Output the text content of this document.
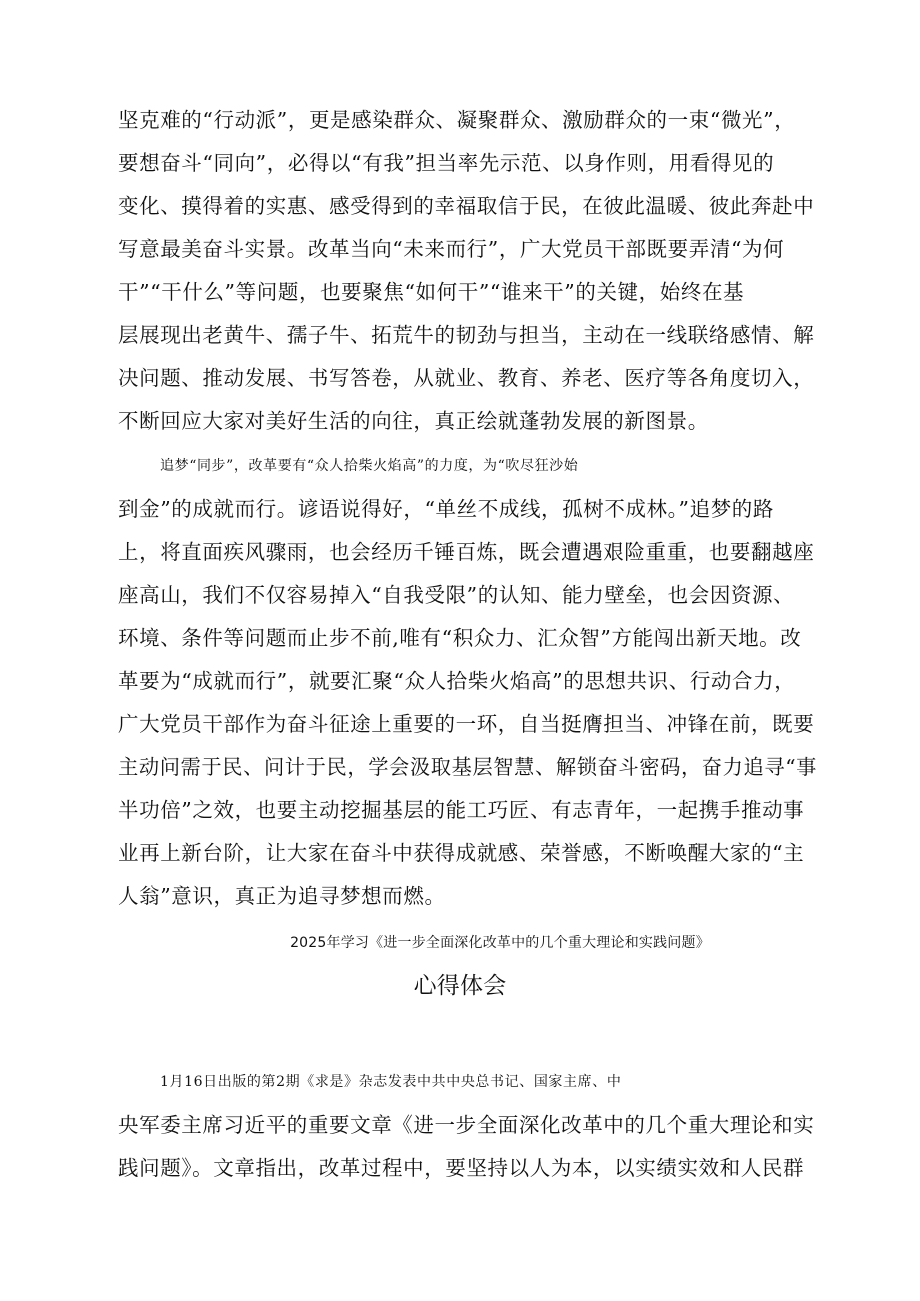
坚克难的“行动派”，更是感染群众、凝聚群众、激励群众的一束“微光”，
要想奋斗“同向”，必得以“有我”担当率先示范、以身作则，用看得见的
变化、摸得着的实惠、感受得到的幸福取信于民，在彼此温暖、彼此奔赴中
写意最美奋斗实景。改革当向“未来而行”，广大党员干部既要弄清“为何
干”“干什么”等问题，也要聚焦“如何干”“谁来干”的关键，始终在基
层展现出老黄牛、孺子牛、拓荒牛的韧劲与担当，主动在一线联络感情、解
决问题、推动发展、书写答卷，从就业、教育、养老、医疗等各角度切入，
不断回应大家对美好生活的向往，真正绘就蓬勃发展的新图景。
追梦“同步”，改革要有“众人拾柴火焰高”的力度，为“吹尽狂沙始
到金”的成就而行。谚语说得好，“单丝不成线，孤树不成林。”追梦的路
上，将直面疾风骤雨，也会经历千锤百炼，既会遭遇艰险重重，也要翻越座
座高山，我们不仅容易掉入“自我受限”的认知、能力壁垒，也会因资源、
环境、条件等问题而止步不前,唯有“积众力、汇众智”方能闯出新天地。改
革要为“成就而行”，就要汇聚“众人拾柴火焰高”的思想共识、行动合力，
广大党员干部作为奋斗征途上重要的一环，自当挺膺担当、冲锋在前，既要
主动问需于民、问计于民，学会汲取基层智慧、解锁奋斗密码，奋力追寻“事
半功倍”之效，也要主动挖掘基层的能工巧匠、有志青年，一起携手推动事
业再上新台阶，让大家在奋斗中获得成就感、荣誉感，不断唤醒大家的“主
人翁”意识，真正为追寻梦想而燃。
2025年学习《进一步全面深化改革中的几个重大理论和实践问题》
心得体会
1月16日出版的第2期《求是》杂志发表中共中央总书记、国家主席、中
央军委主席习近平的重要文章《进一步全面深化改革中的几个重大理论和实
践问题》。文章指出，改革过程中，要坚持以人为本，以实绩实效和人民群
